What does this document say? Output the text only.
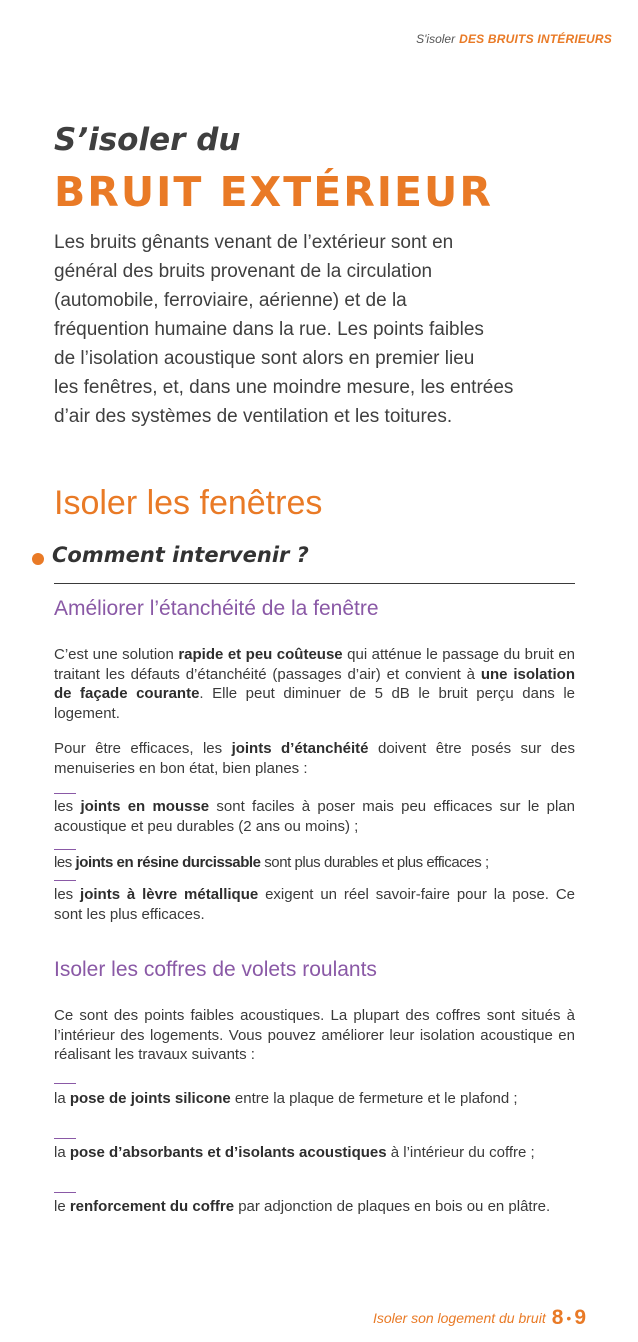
S'isoler DES BRUITS INTÉRIEURS
S’isoler du
BRUIT EXTÉRIEUR

Les bruits gênants venant de l’extérieur sont en

général des bruits provenant de la circulation

(automobile, ferroviaire, aérienne) et de la

fréquention humaine dans la rue. Les points faibles

de l’isolation acoustique sont alors en premier lieu

les fenêtres, et, dans une moindre mesure, les entrées

d’air des systèmes de ventilation et les toitures.

Isoler les fenêtres
Comment intervenir ?
Améliorer l’étanchéité de la fenêtre

C’est une solution rapide et peu coûteuse qui atténue le passage du bruit en traitant les défauts d’étanchéité (passages d’air) et convient à une isolation de façade courante. Elle peut diminuer de 5 dB le bruit perçu dans le logement.

Pour être efficaces, les joints d’étanchéité doivent être posés sur des menuiseries en bon état, bien planes :

les joints en mousse sont faciles à poser mais peu efficaces sur le plan acoustique et peu durables (2 ans ou moins) ;

les joints en résine durcissable sont plus durables et plus efficaces ;

les joints à lèvre métallique exigent un réel savoir-faire pour la pose. Ce sont les plus efficaces.

Isoler les coffres de volets roulants

Ce sont des points faibles acoustiques. La plupart des coffres sont situés à l’intérieur des logements. Vous pouvez améliorer leur isolation acoustique en réalisant les travaux suivants :

la pose de joints silicone entre la plaque de fermeture et le plafond ;

la pose d’absorbants et d’isolants acoustiques à l’intérieur du coffre ;

le renforcement du coffre par adjonction de plaques en bois ou en plâtre.

Isoler son logement du bruit 8 • 9
